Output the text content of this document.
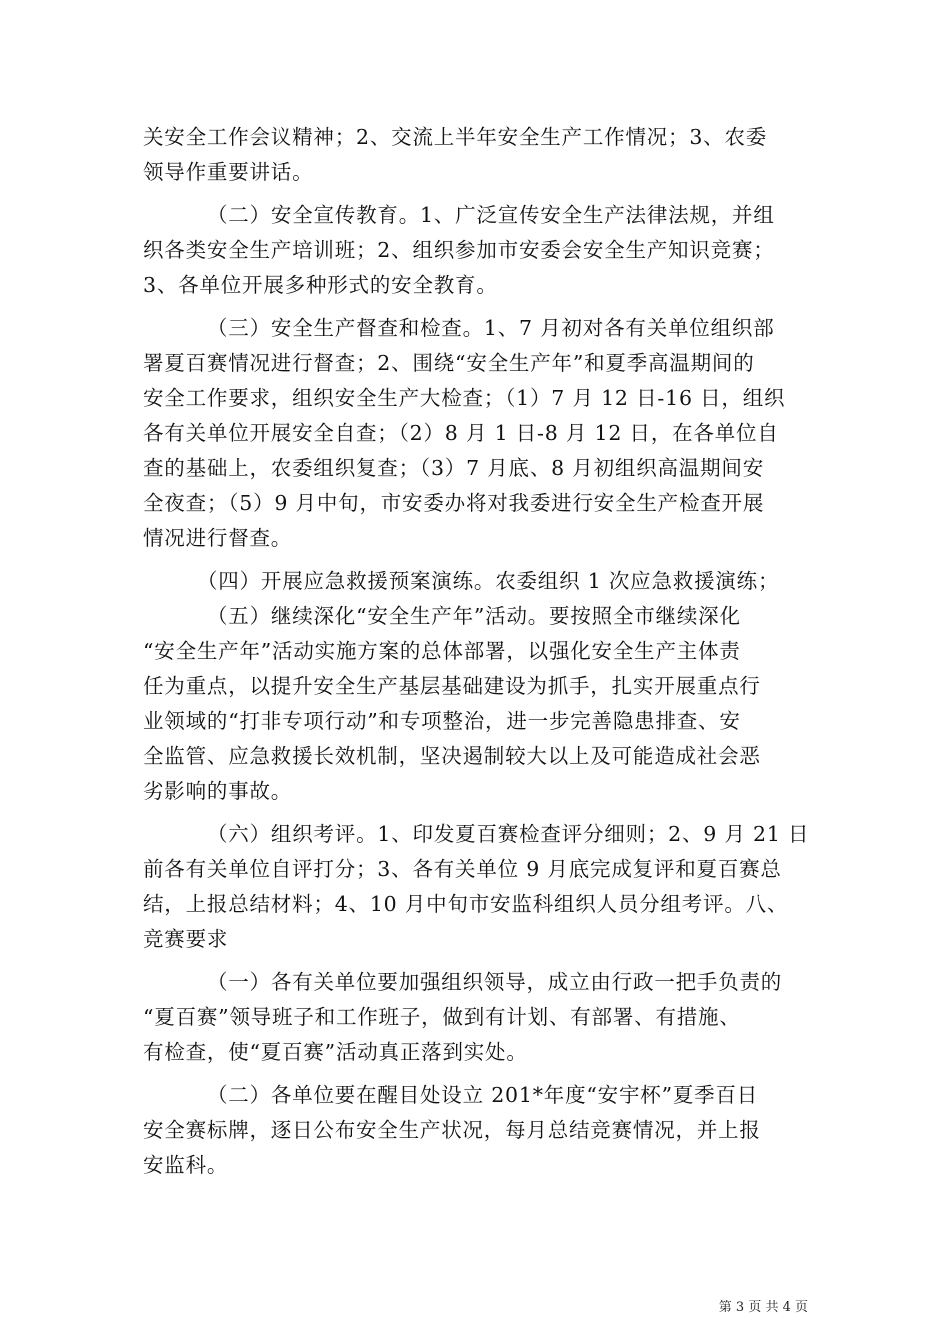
关安全工作会议精神；2、交流上半年安全生产工作情况；3、农委
领导作重要讲话。
（二）安全宣传教育。1、广泛宣传安全生产法律法规，并组
织各类安全生产培训班；2、组织参加市安委会安全生产知识竞赛；
3、各单位开展多种形式的安全教育。
（三）安全生产督查和检查。1、7 月初对各有关单位组织部
署夏百赛情况进行督查；2、围绕“安全生产年”和夏季高温期间的
安全工作要求，组织安全生产大检查；（1）7 月 12 日-16 日，组织
各有关单位开展安全自查；（2）8 月 1 日-8 月 12 日，在各单位自
查的基础上，农委组织复查；（3）7 月底、8 月初组织高温期间安
全夜查；（5）9 月中旬，市安委办将对我委进行安全生产检查开展
情况进行督查。
（四）开展应急救援预案演练。农委组织 1 次应急救援演练；
（五）继续深化“安全生产年”活动。要按照全市继续深化
“安全生产年”活动实施方案的总体部署，以强化安全生产主体责
任为重点，以提升安全生产基层基础建设为抓手，扎实开展重点行
业领域的“打非专项行动”和专项整治，进一步完善隐患排查、安
全监管、应急救援长效机制，坚决遏制较大以上及可能造成社会恶
劣影响的事故。
（六）组织考评。1、印发夏百赛检查评分细则；2、9 月 21 日
前各有关单位自评打分；3、各有关单位 9 月底完成复评和夏百赛总
结，上报总结材料；4、10 月中旬市安监科组织人员分组考评。八、
竞赛要求
（一）各有关单位要加强组织领导，成立由行政一把手负责的
“夏百赛”领导班子和工作班子，做到有计划、有部署、有措施、
有检查，使“夏百赛”活动真正落到实处。
（二）各单位要在醒目处设立 201*年度“安宇杯”夏季百日
安全赛标牌，逐日公布安全生产状况，每月总结竞赛情况，并上报
安监科。
第 3 页 共 4 页
